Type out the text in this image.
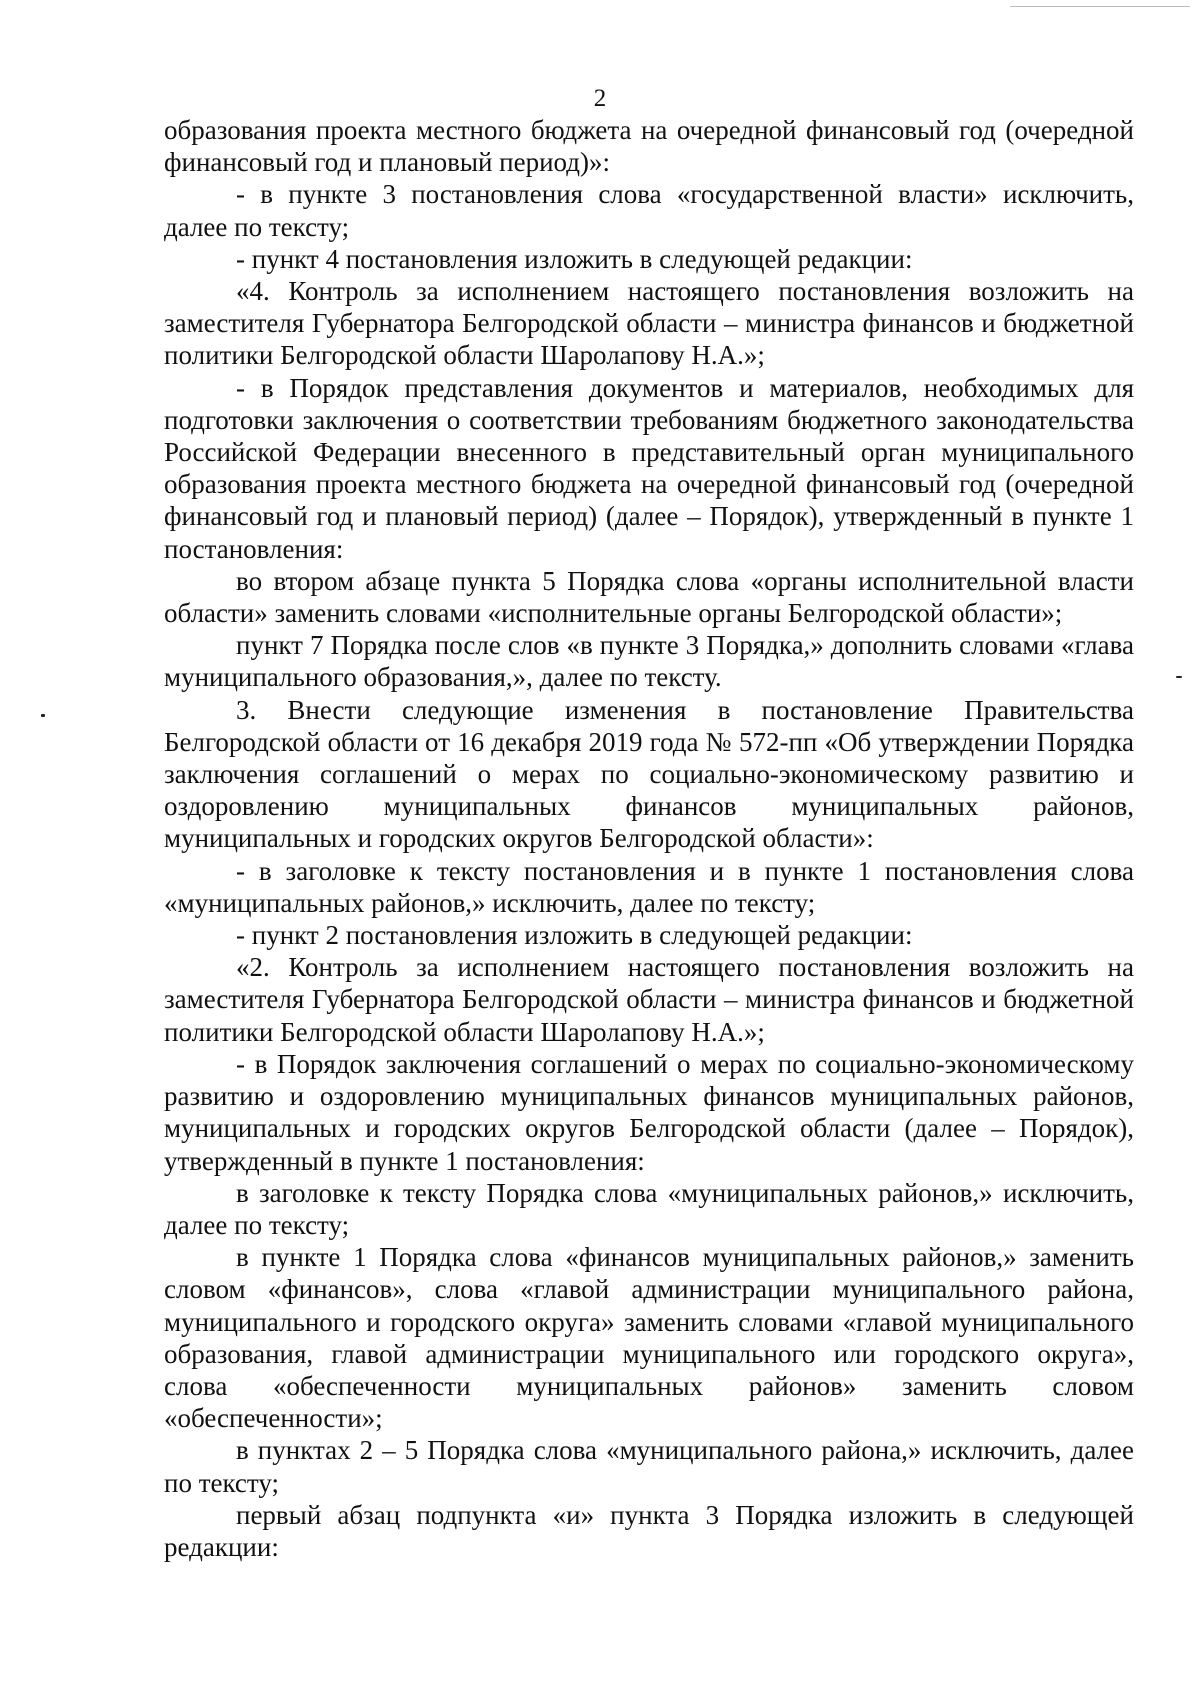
2

образования проекта местного бюджета на очередной финансовый год (очередной финансовый год и плановый период)»:

- в пункте 3 постановления слова «государственной власти» исключить, далее по тексту;

- пункт 4 постановления изложить в следующей редакции:

«4. Контроль за исполнением настоящего постановления возложить на заместителя Губернатора Белгородской области – министра финансов и бюджетной политики Белгородской области Шаролапову Н.А.»;

- в Порядок представления документов и материалов, необходимых для подготовки заключения о соответствии требованиям бюджетного законодательства Российской Федерации внесенного в представительный орган муниципального образования проекта местного бюджета на очередной финансовый год (очередной финансовый год и плановый период) (далее – Порядок), утвержденный в пункте 1 постановления:

во втором абзаце пункта 5 Порядка слова «органы исполнительной власти области» заменить словами «исполнительные органы Белгородской области»;

пункт 7 Порядка после слов «в пункте 3 Порядка,» дополнить словами «глава муниципального образования,», далее по тексту.

3. Внести следующие изменения в постановление Правительства Белгородской области от 16 декабря 2019 года № 572-пп «Об утверждении Порядка заключения соглашений о мерах по социально-экономическому развитию и оздоровлению муниципальных финансов муниципальных районов, муниципальных и городских округов Белгородской области»:

- в заголовке к тексту постановления и в пункте 1 постановления слова «муниципальных районов,» исключить, далее по тексту;

- пункт 2 постановления изложить в следующей редакции:

«2. Контроль за исполнением настоящего постановления возложить на заместителя Губернатора Белгородской области – министра финансов и бюджетной политики Белгородской области Шаролапову Н.А.»;

- в Порядок заключения соглашений о мерах по социально-экономическому развитию и оздоровлению муниципальных финансов муниципальных районов, муниципальных и городских округов Белгородской области (далее – Порядок), утвержденный в пункте 1 постановления:

в заголовке к тексту Порядка слова «муниципальных районов,» исключить, далее по тексту;

в пункте 1 Порядка слова «финансов муниципальных районов,» заменить словом «финансов», слова «главой администрации муниципального района, муниципального и городского округа» заменить словами «главой муниципального образования, главой администрации муниципального или городского округа», слова «обеспеченности муниципальных районов» заменить словом «обеспеченности»;

в пунктах 2 – 5 Порядка слова «муниципального района,» исключить, далее по тексту;

первый абзац подпункта «и» пункта 3 Порядка изложить в следующей редакции:
